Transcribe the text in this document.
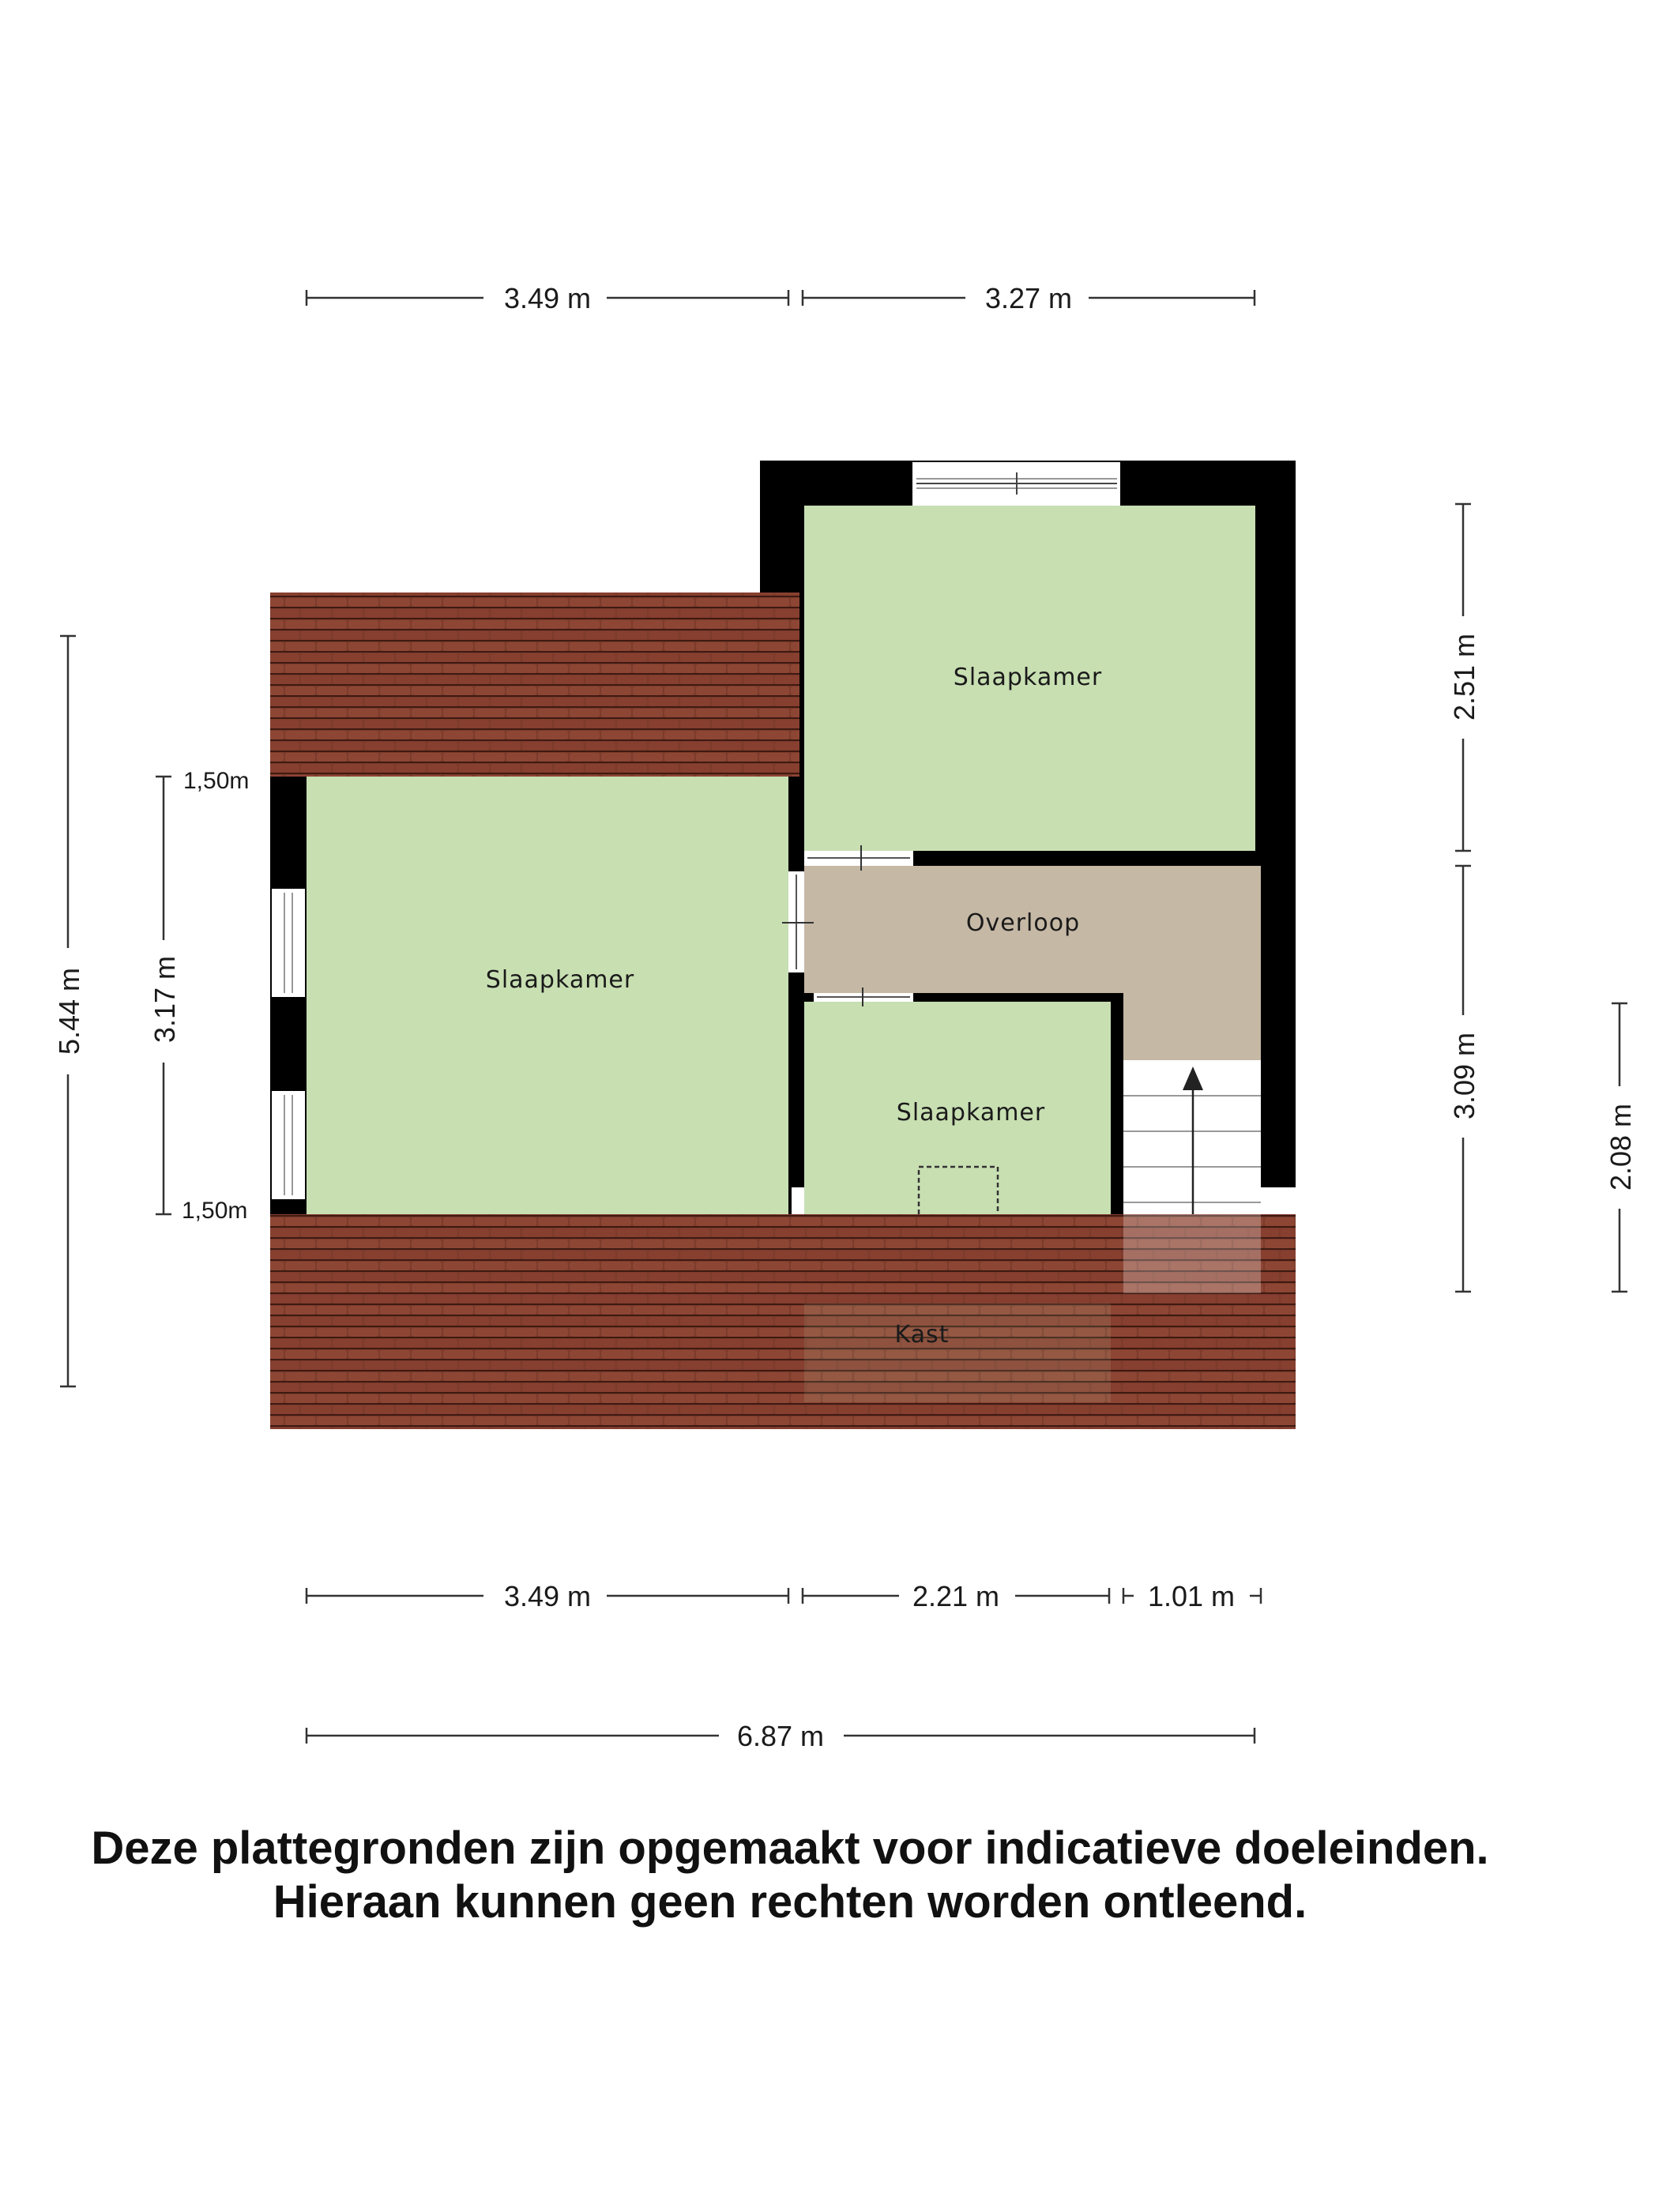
3.49 m	3.27 m
Slaapkamer
Slaapkamer
Overloop
Slaapkamer
Kast
5.44 m 3.17 m
1,50m
1,50m
2.51 m
3.09 m
2.08 m
3.49 m	2.21 m	1.01 m
6.87 m
Deze plattegronden zijn opgemaakt voor indicatieve doeleinden.
Hieraan kunnen geen rechten worden ontleend.
